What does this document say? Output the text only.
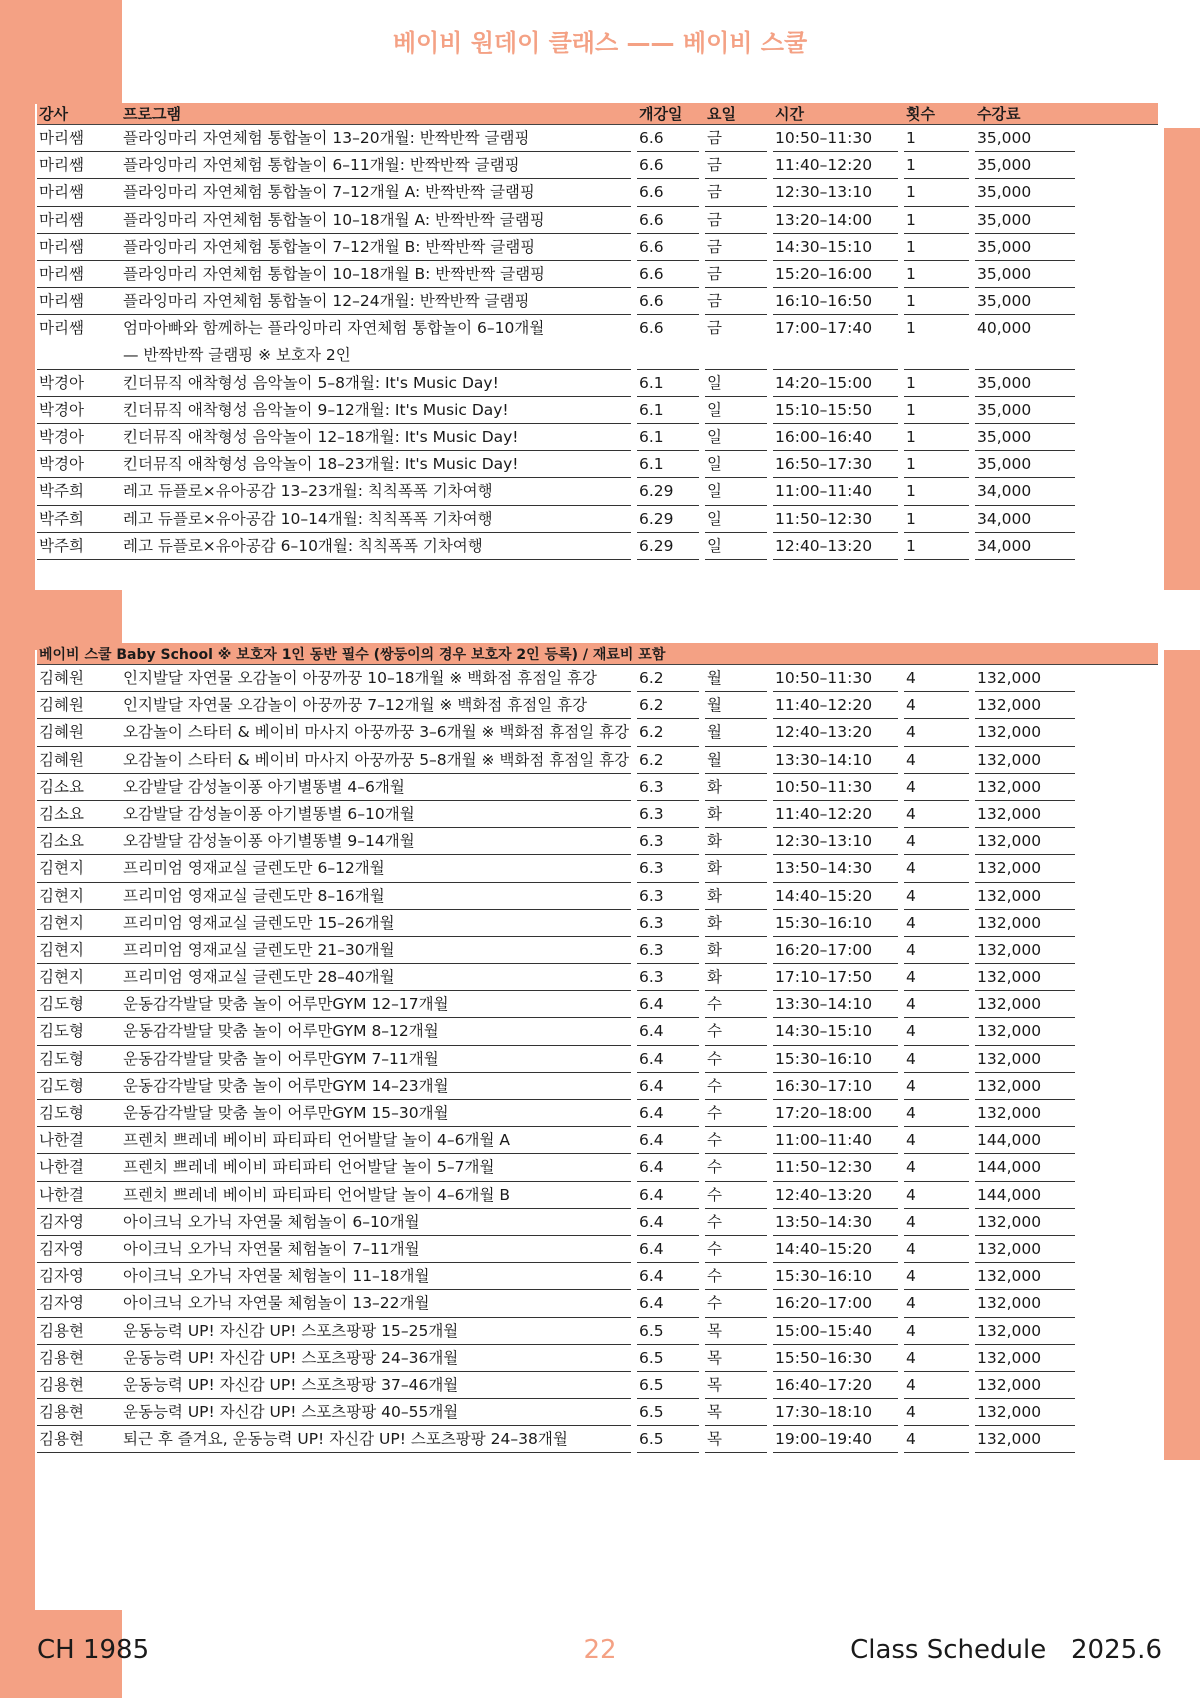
베이비 원데이 클래스 —— 베이비 스쿨
강사	프로그램	개강일	요일	시간	횟수	수강료
마리쌤	플라잉마리 자연체험 통합놀이 13–20개월: 반짝반짝 글램핑	6.6	금	10:50–11:30	1	35,000
마리쌤	플라잉마리 자연체험 통합놀이 6–11개월: 반짝반짝 글램핑	6.6	금	11:40–12:20	1	35,000
마리쌤	플라잉마리 자연체험 통합놀이 7–12개월 A: 반짝반짝 글램핑	6.6	금	12:30–13:10	1	35,000
마리쌤	플라잉마리 자연체험 통합놀이 10–18개월 A: 반짝반짝 글램핑	6.6	금	13:20–14:00	1	35,000
마리쌤	플라잉마리 자연체험 통합놀이 7–12개월 B: 반짝반짝 글램핑	6.6	금	14:30–15:10	1	35,000
마리쌤	플라잉마리 자연체험 통합놀이 10–18개월 B: 반짝반짝 글램핑	6.6	금	15:20–16:00	1	35,000
마리쌤	플라잉마리 자연체험 통합놀이 12–24개월: 반짝반짝 글램핑	6.6	금	16:10–16:50	1	35,000
마리쌤	엄마아빠와 함께하는 플라잉마리 자연체험 통합놀이 6–10개월
— 반짝반짝 글램핑 ※ 보호자 2인
6.6	금	17:00–17:40	1	40,000
박경아	킨더뮤직 애착형성 음악놀이 5–8개월: It's Music Day!	6.1	일	14:20–15:00	1	35,000
박경아	킨더뮤직 애착형성 음악놀이 9–12개월: It's Music Day!	6.1	일	15:10–15:50	1	35,000
박경아	킨더뮤직 애착형성 음악놀이 12–18개월: It's Music Day!	6.1	일	16:00–16:40	1	35,000
박경아	킨더뮤직 애착형성 음악놀이 18–23개월: It's Music Day!	6.1	일	16:50–17:30	1	35,000
박주희	레고 듀플로×유아공감 13–23개월: 칙칙폭폭 기차여행	6.29	일	11:00–11:40	1	34,000
박주희	레고 듀플로×유아공감 10–14개월: 칙칙폭폭 기차여행	6.29	일	11:50–12:30	1	34,000
박주희	레고 듀플로×유아공감 6–10개월: 칙칙폭폭 기차여행	6.29	일	12:40–13:20	1	34,000
베이비 스쿨 Baby School ※ 보호자 1인 동반 필수 (쌍둥이의 경우 보호자 2인 등록) / 재료비 포함
김혜원	인지발달 자연물 오감놀이 아꿍까꿍 10–18개월 ※ 백화점 휴점일 휴강	6.2	월	10:50–11:30	4	132,000
김혜원	인지발달 자연물 오감놀이 아꿍까꿍 7–12개월 ※ 백화점 휴점일 휴강	6.2	월	11:40–12:20	4	132,000
김혜원	오감놀이 스타터 & 베이비 마사지 아꿍까꿍 3–6개월 ※ 백화점 휴점일 휴강 6.2	월	12:40–13:20	4	132,000
김혜원	오감놀이 스타터 & 베이비 마사지 아꿍까꿍 5–8개월 ※ 백화점 휴점일 휴강 6.2	월	13:30–14:10	4	132,000
김소요	오감발달 감성놀이퐁 아기별똥별 4–6개월	6.3	화	10:50–11:30	4	132,000
김소요	오감발달 감성놀이퐁 아기별똥별 6–10개월	6.3	화	11:40–12:20	4	132,000
김소요	오감발달 감성놀이퐁 아기별똥별 9–14개월	6.3	화	12:30–13:10	4	132,000
김현지	프리미엄 영재교실 글렌도만 6–12개월	6.3	화	13:50–14:30	4	132,000
김현지	프리미엄 영재교실 글렌도만 8–16개월	6.3	화	14:40–15:20	4	132,000
김현지	프리미엄 영재교실 글렌도만 15–26개월	6.3	화	15:30–16:10	4	132,000
김현지	프리미엄 영재교실 글렌도만 21–30개월	6.3	화	16:20–17:00	4	132,000
김현지	프리미엄 영재교실 글렌도만 28–40개월	6.3	화	17:10–17:50	4	132,000
김도형	운동감각발달 맞춤 놀이 어루만GYM 12–17개월	6.4	수	13:30–14:10	4	132,000
김도형	운동감각발달 맞춤 놀이 어루만GYM 8–12개월	6.4	수	14:30–15:10	4	132,000
김도형	운동감각발달 맞춤 놀이 어루만GYM 7–11개월	6.4	수	15:30–16:10	4	132,000
김도형	운동감각발달 맞춤 놀이 어루만GYM 14–23개월	6.4	수	16:30–17:10	4	132,000
김도형	운동감각발달 맞춤 놀이 어루만GYM 15–30개월	6.4	수	17:20–18:00	4	132,000
나한결	프렌치 쁘레네 베이비 파티파티 언어발달 놀이 4–6개월 A	6.4	수	11:00–11:40	4	144,000
나한결	프렌치 쁘레네 베이비 파티파티 언어발달 놀이 5–7개월	6.4	수	11:50–12:30	4	144,000
나한결	프렌치 쁘레네 베이비 파티파티 언어발달 놀이 4–6개월 B	6.4	수	12:40–13:20	4	144,000
김자영	아이크닉 오가닉 자연물 체험놀이 6–10개월	6.4	수	13:50–14:30	4	132,000
김자영	아이크닉 오가닉 자연물 체험놀이 7–11개월	6.4	수	14:40–15:20	4	132,000
김자영	아이크닉 오가닉 자연물 체험놀이 11–18개월	6.4	수	15:30–16:10	4	132,000
김자영	아이크닉 오가닉 자연물 체험놀이 13–22개월	6.4	수	16:20–17:00	4	132,000
김용현	운동능력 UP! 자신감 UP! 스포츠팡팡 15–25개월	6.5	목	15:00–15:40	4	132,000
김용현	운동능력 UP! 자신감 UP! 스포츠팡팡 24–36개월	6.5	목	15:50–16:30	4	132,000
김용현	운동능력 UP! 자신감 UP! 스포츠팡팡 37–46개월	6.5	목	16:40–17:20	4	132,000
김용현	운동능력 UP! 자신감 UP! 스포츠팡팡 40–55개월	6.5	목	17:30–18:10	4	132,000
김용현	퇴근 후 즐겨요, 운동능력 UP! 자신감 UP! 스포츠팡팡 24–38개월	6.5	목	19:00–19:40	4	132,000
CH 1985	22	Class Schedule   2025.6
